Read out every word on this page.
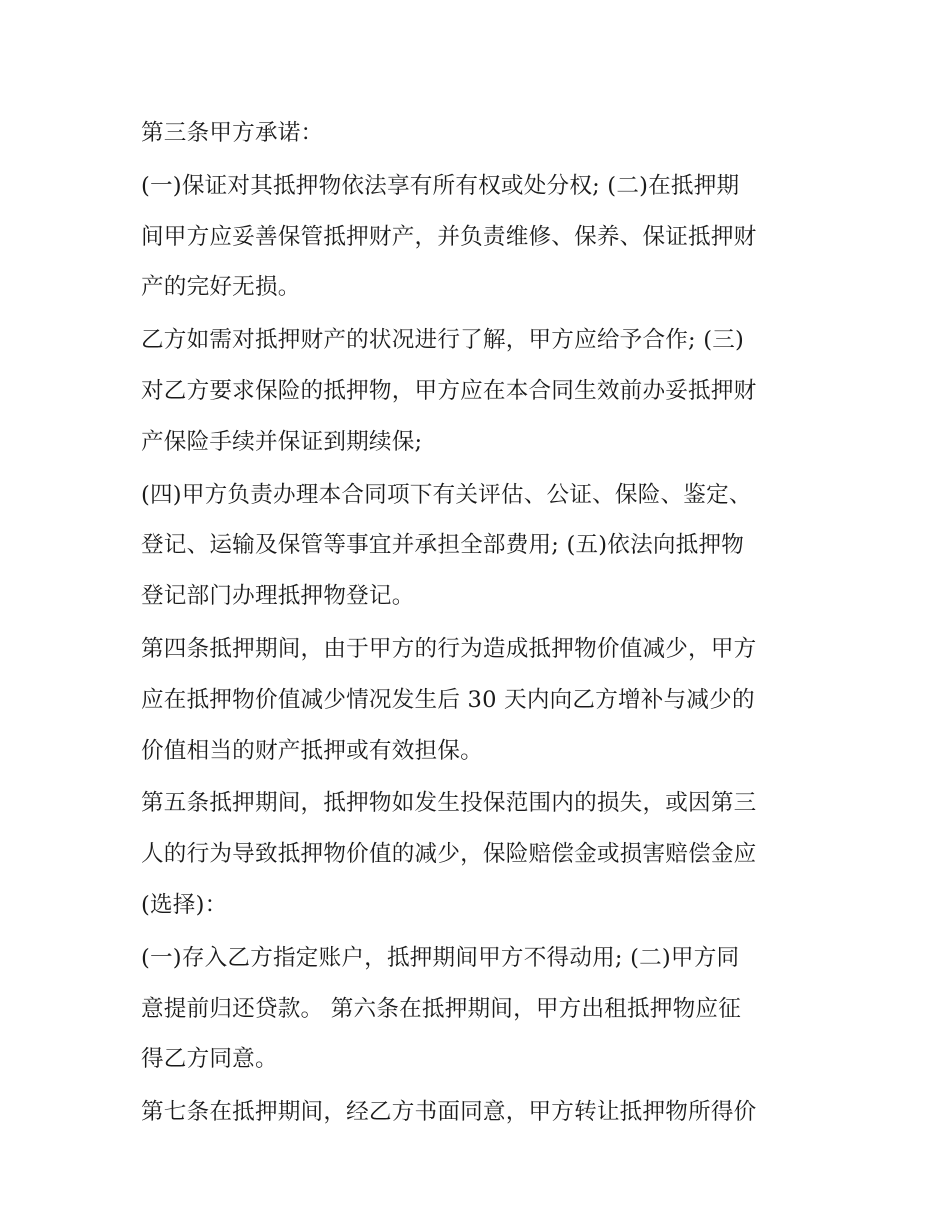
第三条甲方承诺：

(一)保证对其抵押物依法享有所有权或处分权; (二)在抵押期
间甲方应妥善保管抵押财产，并负责维修、保养、保证抵押财
产的完好无损。

乙方如需对抵押财产的状况进行了解，甲方应给予合作; (三)
对乙方要求保险的抵押物，甲方应在本合同生效前办妥抵押财
产保险手续并保证到期续保;

(四)甲方负责办理本合同项下有关评估、公证、保险、鉴定、
登记、运输及保管等事宜并承担全部费用; (五)依法向抵押物
登记部门办理抵押物登记。

第四条抵押期间，由于甲方的行为造成抵押物价值减少，甲方
应在抵押物价值减少情况发生后 30 天内向乙方增补与减少的
价值相当的财产抵押或有效担保。

第五条抵押期间，抵押物如发生投保范围内的损失，或因第三
人的行为导致抵押物价值的减少，保险赔偿金或损害赔偿金应
(选择)：

(一)存入乙方指定账户，抵押期间甲方不得动用; (二)甲方同
意提前归还贷款。 第六条在抵押期间，甲方出租抵押物应征
得乙方同意。

第七条在抵押期间，经乙方书面同意，甲方转让抵押物所得价
